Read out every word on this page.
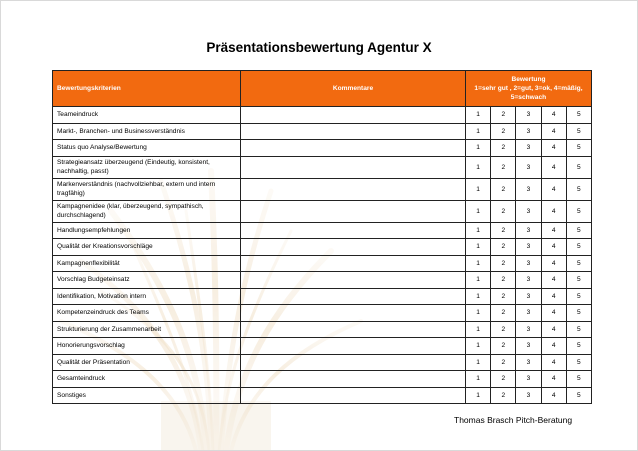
Präsentationsbewertung Agentur X
Bewertungskriterien	Kommentare	Bewertung
1=sehr gut , 2=gut, 3=ok, 4=mäßig, 5=schwach				

Teameindruck		1	2	3	4	5
Markt-, Branchen- und Businessverständnis		1	2	3	4	5
Status quo Analyse/Bewertung		1	2	3	4	5
Strategieansatz überzeugend (Eindeutig, konsistent, nachhaltig, passt)		1	2	3	4	5
Markenverständnis (nachvollziehbar, extern und intern tragfähig)		1	2	3	4	5
Kampagnenidee (klar, überzeugend, sympathisch, durchschlagend)		1	2	3	4	5
Handlungsempfehlungen		1	2	3	4	5
Qualität der Kreationsvorschläge		1	2	3	4	5
Kampagnenflexibilität		1	2	3	4	5
Vorschlag Budgeteinsatz		1	2	3	4	5
Identifikation, Motivation intern		1	2	3	4	5
Kompetenzeindruck des Teams		1	2	3	4	5
Strukturierung der Zusammenarbeit		1	2	3	4	5
Honorierungsvorschlag		1	2	3	4	5
Qualität der Präsentation		1	2	3	4	5
Gesamteindruck		1	2	3	4	5
Sonstiges		1	2	3	4	5
Thomas Brasch Pitch-Beratung
